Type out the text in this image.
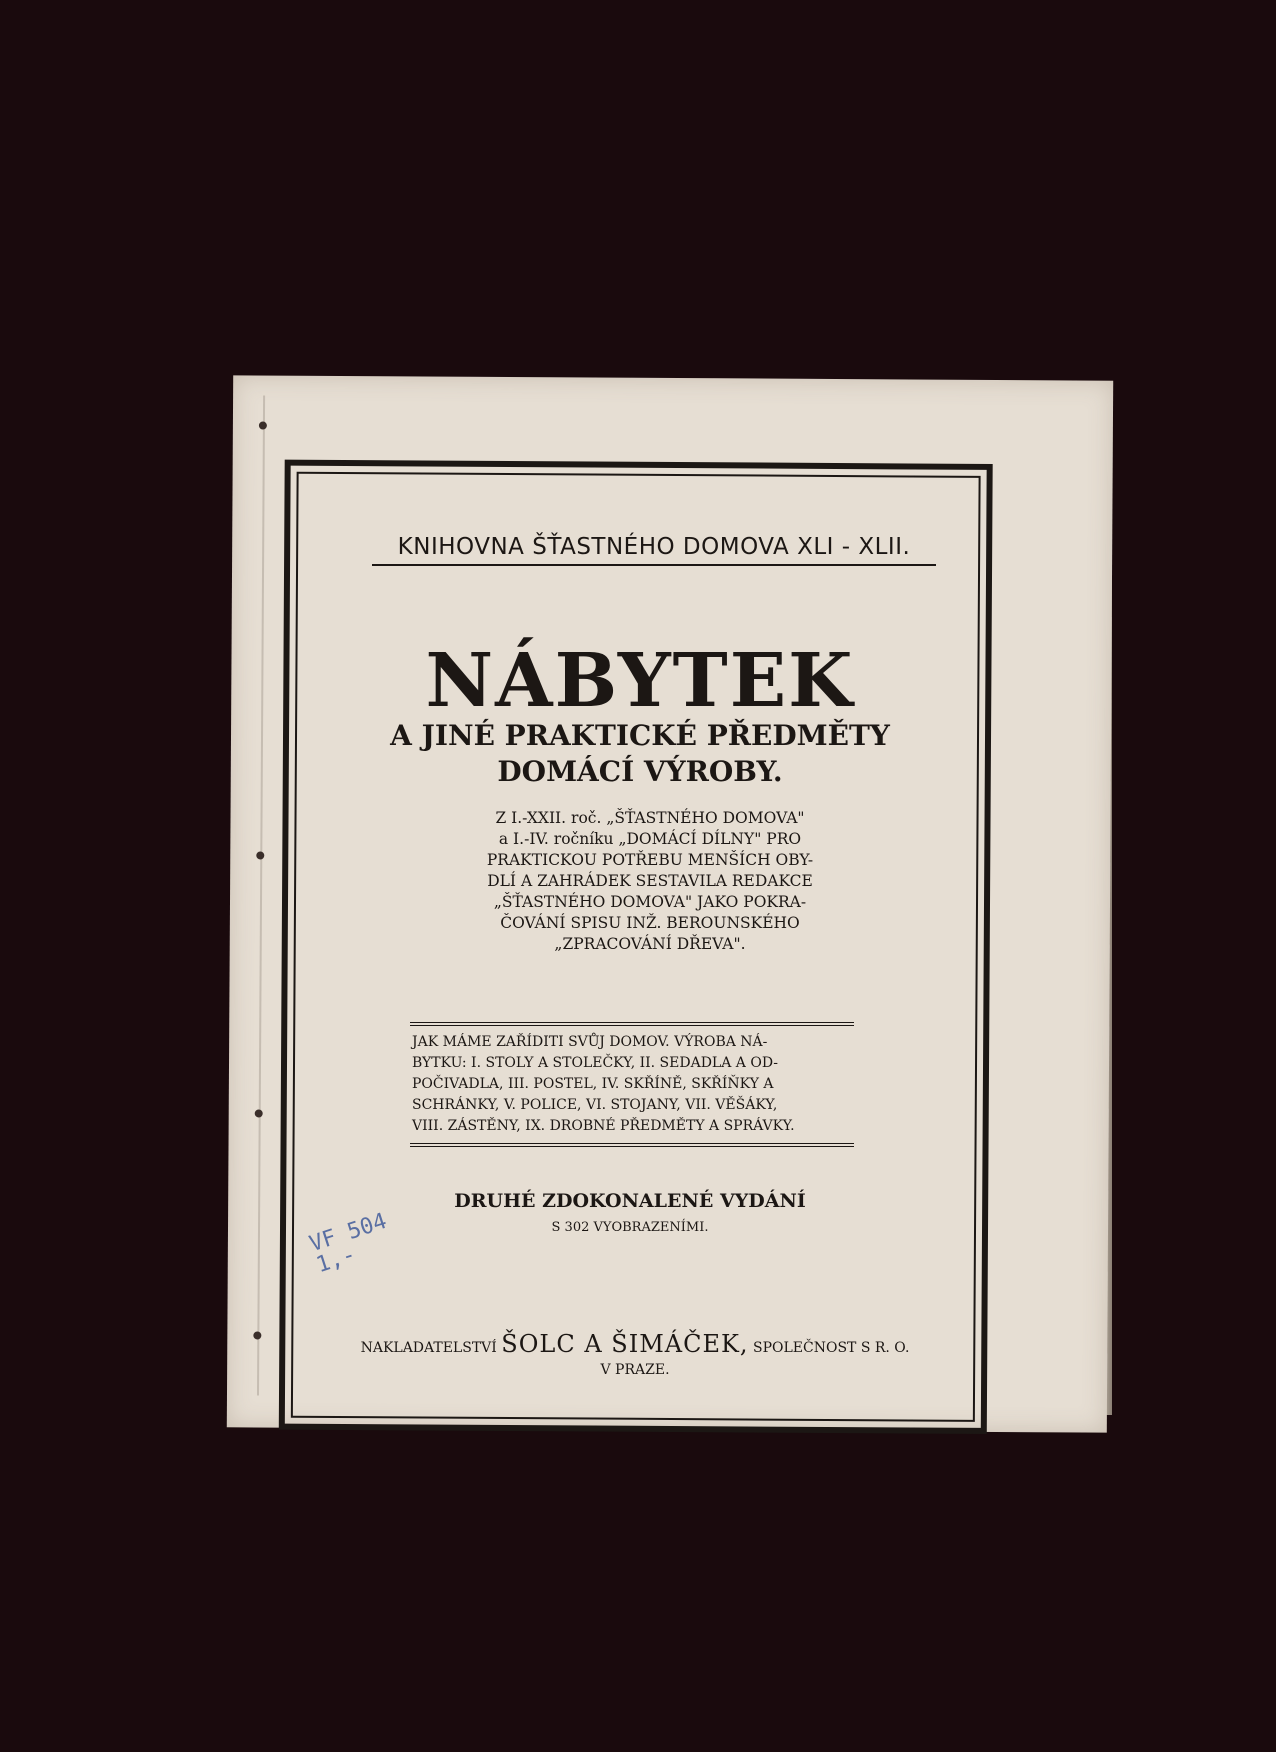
KNIHOVNA ŠŤASTNÉHO DOMOVA XLI - XLII.
NÁBYTEK
A JINÉ PRAKTICKÉ PŘEDMĚTY
DOMÁCÍ VÝROBY.
Z I.-XXII. roč. „ŠŤASTNÉHO DOMOVA"
a I.-IV. ročníku „DOMÁCÍ DÍLNY" PRO
PRAKTICKOU POTŘEBU MENŠÍCH OBY-
DLÍ A ZAHRÁDEK SESTAVILA REDAKCE
„ŠŤASTNÉHO DOMOVA" JAKO POKRA-
ČOVÁNÍ SPISU INŽ. BEROUNSKÉHO
„ZPRACOVÁNÍ DŘEVA".
JAK MÁME ZAŘÍDITI SVŮJ DOMOV. VÝROBA NÁ-
BYTKU: I. STOLY A STOLEČKY, II. SEDADLA A OD-
POČIVADLA, III. POSTEL, IV. SKŘÍNĚ, SKŘÍŇKY A
SCHRÁNKY, V. POLICE, VI. STOJANY, VII. VĚŠÁKY,
VIII. ZÁSTĚNY, IX. DROBNÉ PŘEDMĚTY A SPRÁVKY.
DRUHÉ ZDOKONALENÉ VYDÁNÍ
S 302 VYOBRAZENÍMI.
VF 504
1,-
NAKLADATELSTVÍ ŠOLC A ŠIMÁČEK, SPOLEČNOST S R. O.
V PRAZE.
